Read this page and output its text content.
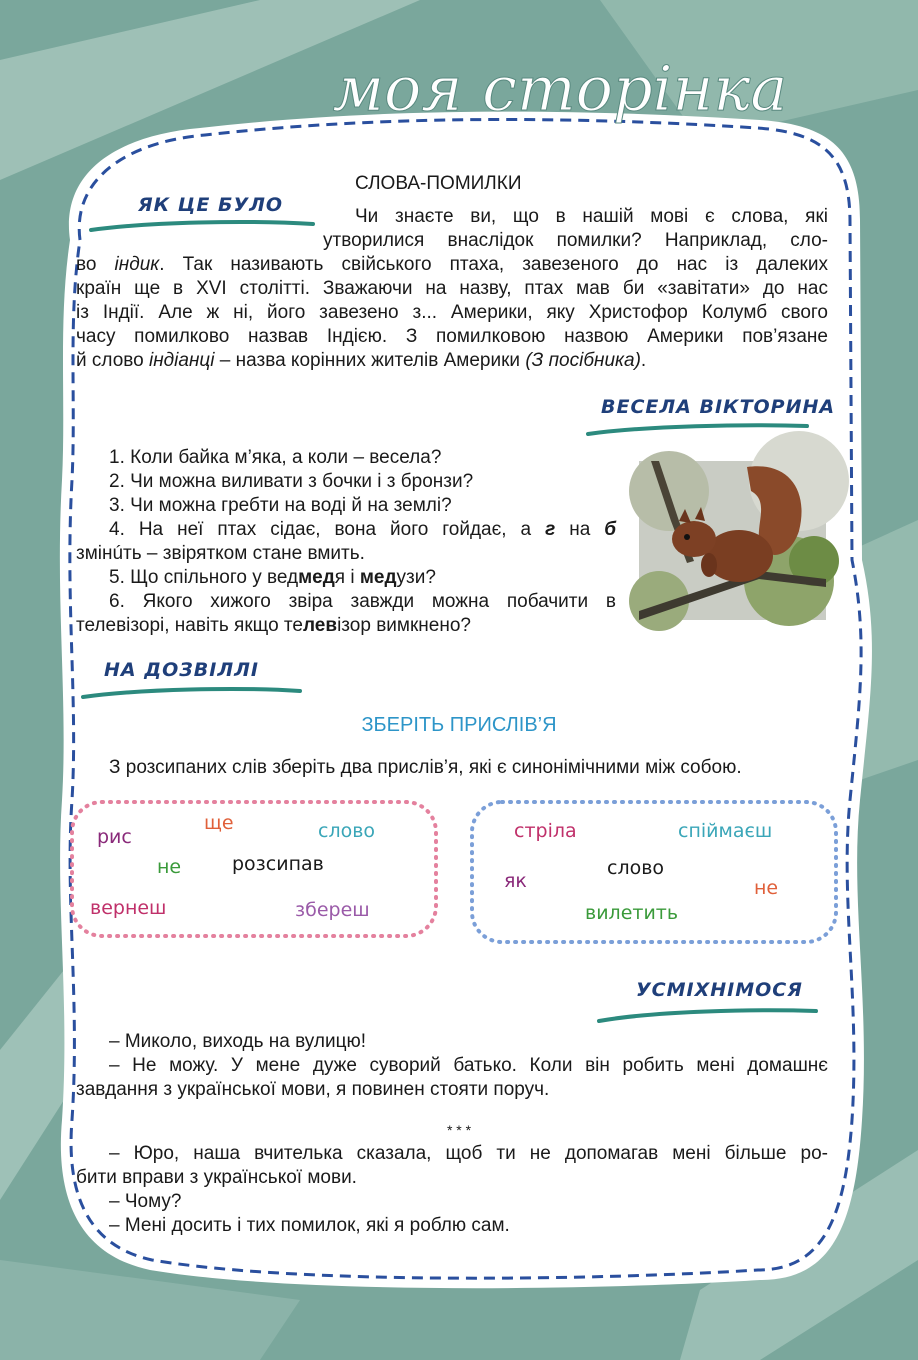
моя сторінка
ЯК ЦЕ БУЛО
СЛОВА-ПОМИЛКИ
Чи знаєте ви, що в нашій мові є слова, які
утворилися внаслідок помилки? Наприклад, сло-
во індик. Так називають свійського птаха, завезеного до нас із далеких
країн ще в XVI столітті. Зважаючи на назву, птах мав би «завітати» до нас
із Індії. Але ж ні, його завезено з... Америки, яку Христофор Колумб свого
часу помилково назвав Індією. З помилковою назвою Америки пов’язане
й слово індіанці – назва корінних жителів Америки (З посібника).
ВЕСЕЛА ВІКТОРИНА
1. Коли байка м’яка, а коли – весела?
2. Чи можна виливати з бочки і з бронзи?
3. Чи можна гребти на воді й на землі?
4. На неї птах сідає, вона його гойдає, а г на б
змінúть – звірятком стане вмить.
5. Що спільного у ведмедя і медузи?
6. Якого хижого звіра завжди можна побачити в
телевізорі, навіть якщо телевізор вимкнено?
НА ДОЗВІЛЛІ
ЗБЕРІТЬ ПРИСЛІВ’Я
З розсипаних слів зберіть два прислів’я, які є синонімічними між собою.
рис
ще	слово
не	розсипав
вернеш	збереш
стріла	спіймаєш
слово
як	не
вилетить
УСМІХНІМОСЯ
– Миколо, виходь на вулицю!
– Не можу. У мене дуже суворий батько. Коли він робить мені домашнє
завдання з української мови, я повинен стояти поруч.
* * *
– Юро, наша вчителька сказала, щоб ти не допомагав мені більше ро-
бити вправи з української мови.
– Чому?
– Мені досить і тих помилок, які я роблю сам.
